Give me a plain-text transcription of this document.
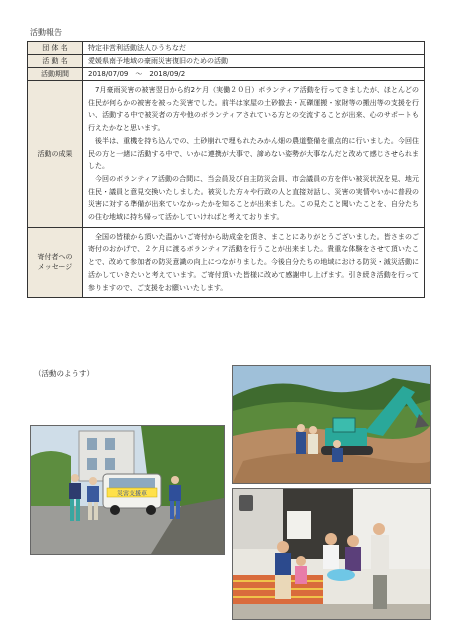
活動報告
団 体 名	特定非営利活動法人ひうちなだ
活 動 名	愛媛県南予地域の豪雨災害復旧のための活動
活動期間	2018/07/09　～　2018/09/2
活動の成果	7月豪雨災害の被害翌日から約2ケ月（実働２０日）ボランティア活動を行ってきましたが、ほとんどの住民が何らかの被害を被った災害でした。前半は家屋の土砂撤去・瓦礫運搬・家財等の搬出等の支援を行い、活動する中で被災者の方や他のボランティアされている方との交流することが出来、心のサポートも行えたかなと思います。

後半は、重機を持ち込んでの、土砂崩れで埋もれたみかん畑の農道整備を重点的に行いました。今回住民の方と一緒に活動する中で、いかに連携が大事で、諦めない姿勢が大事なんだと改めて感じさせられました。

今回のボランティア活動の合間に、当会員及び自主防災会員、市会議員の方を伴い被災状況を見、地元住民・議員と意見交換いたしました。被災した方々や行政の人と直接対話し、災害の実情やいかに普段の災害に対する準備が出来ていなかったかを知ることが出来ました。この見たこと聞いたことを、自分たちの住む地域に持ち帰って活かしていければと考えております。

寄付者への
メッセージ	全国の皆様から頂いた温かいご寄付から助成金を頂き、まことにありがとうございました。皆さまのご寄付のおかげで、２ケ月に渡るボランティア活動を行うことが出来ました。貴重な体験をさせて頂いたことで、改めて参加者の防災意識の向上につながりました。今後自分たちの地域における防災・減災活動に活かしていきたいと考えています。ご寄付頂いた皆様に改めて感謝申し上げます。引き続き活動を行って参りますので、ご支援をお願いいたします。

（活動のようす）
災害支援車
